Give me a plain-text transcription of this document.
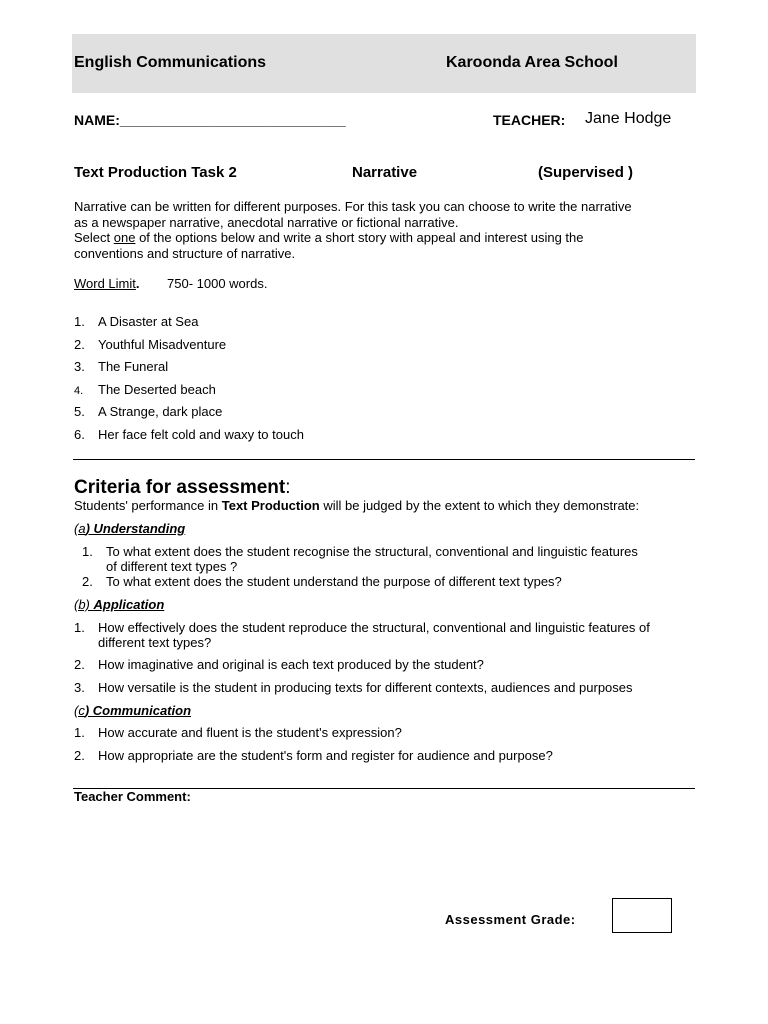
English Communications	Karoonda Area School
NAME:_____________________________	TEACHER: Jane Hodge
Text Production Task 2	Narrative	(Supervised )
Narrative can be written for different purposes. For this task you can choose to write the narrative
as a newspaper narrative, anecdotal narrative or fictional narrative.
Select one of the options below and write a short story with appeal and interest using the
conventions and structure of narrative.
Word Limit. 750- 1000 words.
1. A Disaster at Sea
2. Youthful Misadventure
3. The Funeral
4. The Deserted beach
5. A Strange, dark place
6. Her face felt cold and waxy to touch
Criteria for assessment:
Students' performance in Text Production will be judged by the extent to which they demonstrate:
(a) Understanding
1. To what extent does the student recognise the structural, conventional and linguistic features
of different text types ?
2. To what extent does the student understand the purpose of different text types?
(b) Application
1. How effectively does the student reproduce the structural, conventional and linguistic features of
different text types?
2. How imaginative and original is each text produced by the student?
3. How versatile is the student in producing texts for different contexts, audiences and purposes
(c) Communication
1. How accurate and fluent is the student's expression?
2. How appropriate are the student's form and register for audience and purpose?
Teacher Comment:
Assessment Grade:
